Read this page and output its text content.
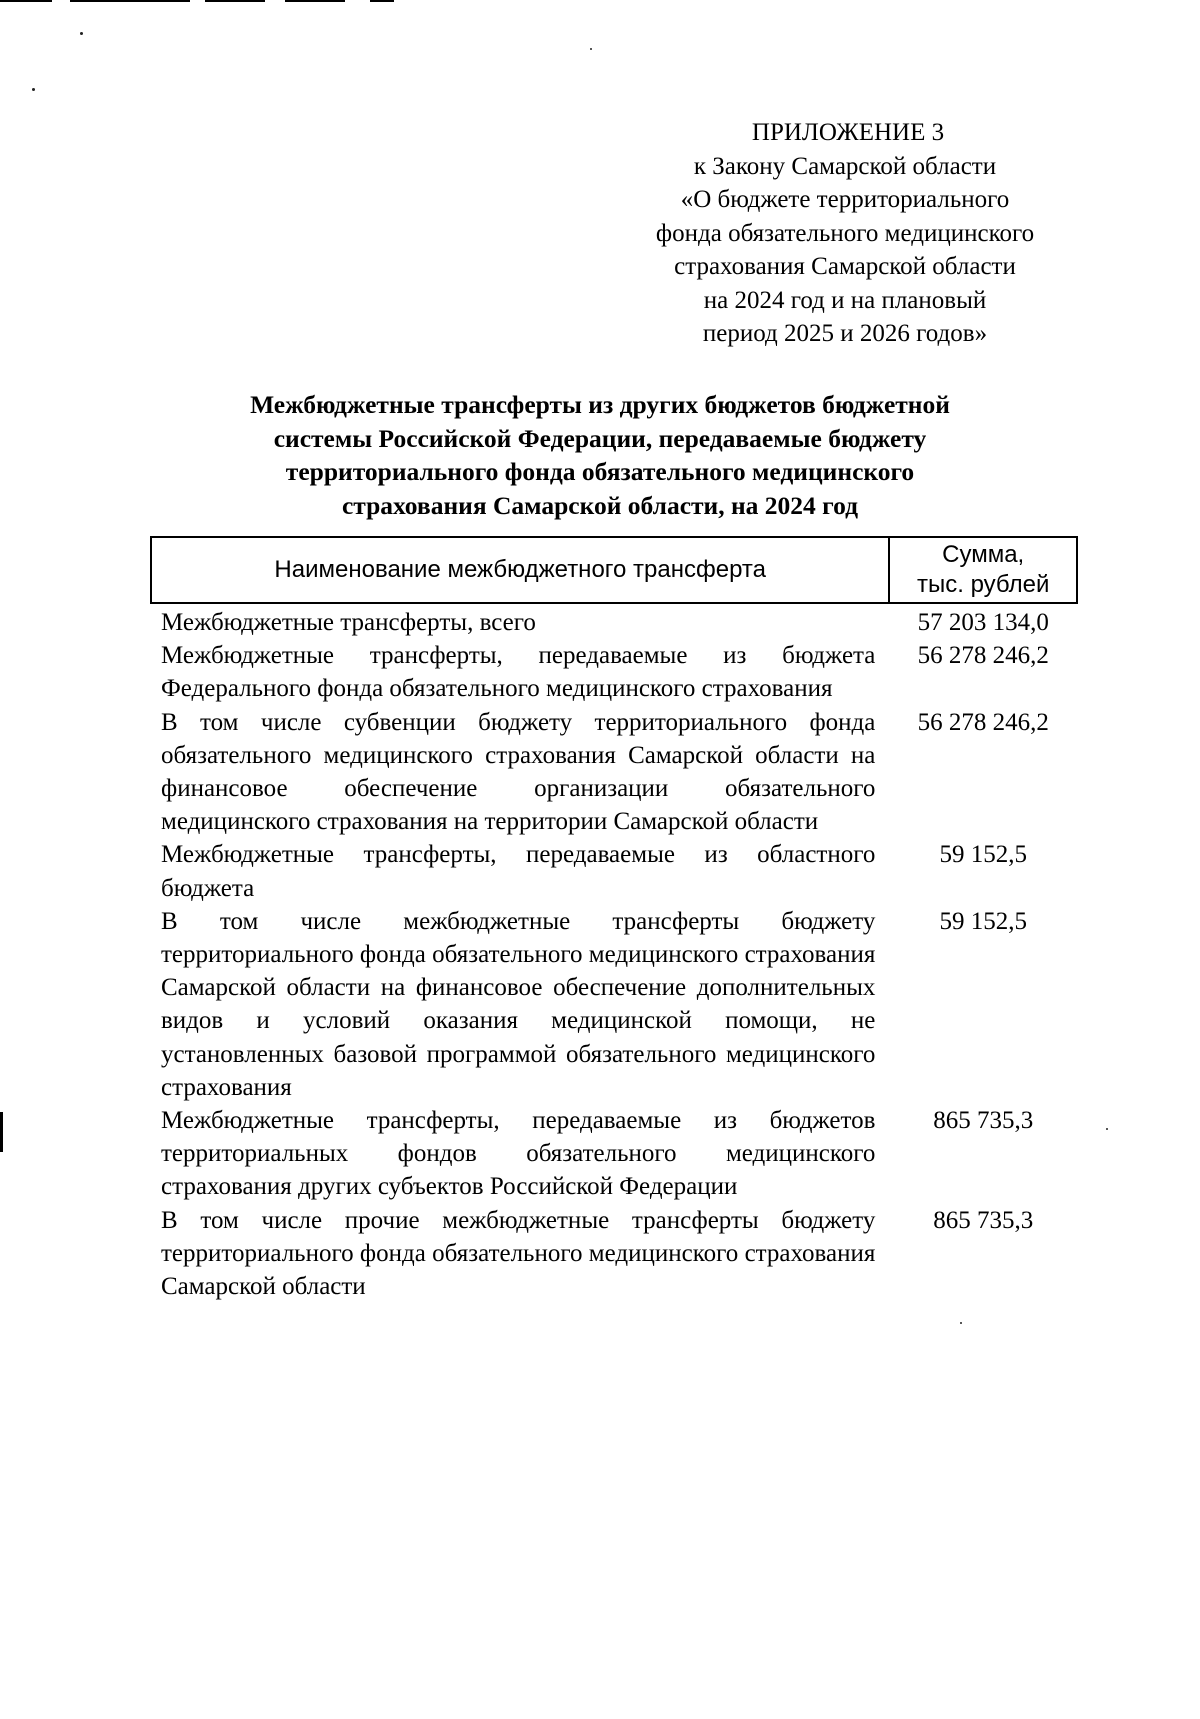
ПРИЛОЖЕНИЕ 3
к Закону Самарской области
«О бюджете территориального
фонда обязательного медицинского
страхования Самарской области
на 2024 год и на плановый
период 2025 и 2026 годов»
Межбюджетные трансферты из других бюджетов бюджетной
системы Российской Федерации, передаваемые бюджету
территориального фонда обязательного медицинского
страхования Самарской области, на 2024 год
Наименование межбюджетного трансферта	Сумма,
тыс. рублей

Межбюджетные трансферты, всего	57 203 134,0
Межбюджетные трансферты, передаваемые из бюджета Федерального фонда обязательного медицинского страхования	56 278 246,2
В том числе субвенции бюджету территориального фонда обязательного медицинского страхования Самарской области на финансовое обеспечение организации обязательного медицинского страхования на территории Самарской области	56 278 246,2
Межбюджетные трансферты, передаваемые из областного бюджета	59 152,5
В том числе межбюджетные трансферты бюджету территориального фонда обязательного медицинского страхования Самарской области на финансовое обеспечение дополнительных видов и условий оказания медицинской помощи, не установленных базовой программой обязательного медицинского страхования	59 152,5
Межбюджетные трансферты, передаваемые из бюджетов территориальных фондов обязательного медицинского страхования других субъектов Российской Федерации	865 735,3
В том числе прочие межбюджетные трансферты бюджету территориального фонда обязательного медицинского страхования Самарской области	865 735,3
